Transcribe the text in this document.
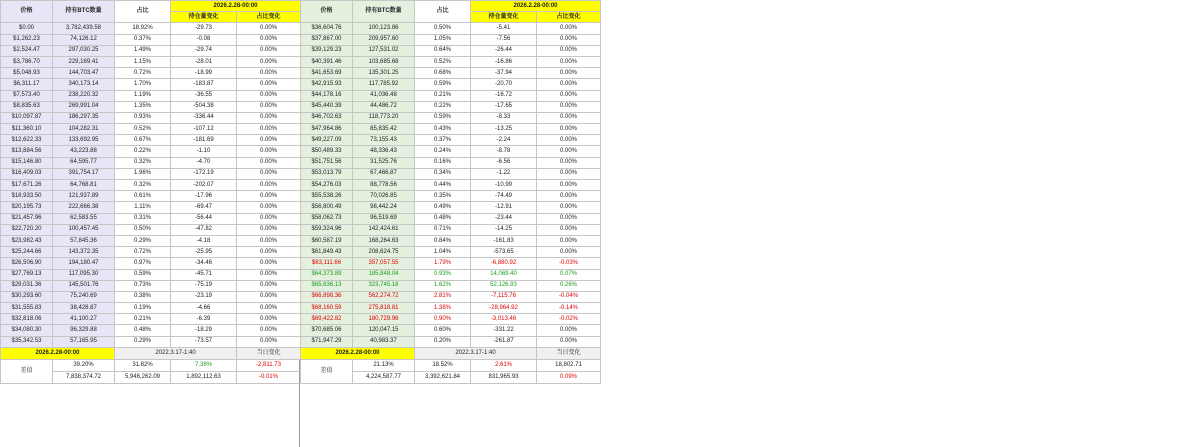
价格	持有BTC数量	占比	2026.2.28-00:00	
			持仓量变化	占比变化
$0.00	3,782,439.58	18.92%	-29.73	0.00%
$1,262.23	74,126.12	0.37%	-0.08	0.00%
$2,524.47	297,030.25	1.49%	-29.74	0.00%
$3,786.70	229,169.41	1.15%	-28.01	0.00%
$5,048.93	144,703.47	0.72%	-18.99	0.00%
$6,311.17	340,173.14	1.70%	-183.87	0.00%
$7,573.40	238,220.32	1.19%	-36.55	0.00%
$8,835.63	269,991.04	1.35%	-504.38	0.00%
$10,097.87	186,297.35	0.93%	-336.44	0.00%
$11,360.10	104,282.31	0.52%	-107.12	0.00%
$12,622.33	133,692.95	0.67%	-181.69	0.00%
$13,884.56	43,223.88	0.22%	-1.10	0.00%
$15,146.80	64,595.77	0.32%	-4.70	0.00%
$16,409.03	391,754.17	1.96%	-172.19	0.00%
$17,671.26	64,768.81	0.32%	-202.07	0.00%
$18,933.50	121,937.89	0.61%	-17.96	0.00%
$20,195.73	222,666.38	1.11%	-69.47	0.00%
$21,457.96	62,583.55	0.31%	-56.44	0.00%
$22,720.20	100,457.45	0.50%	-47.82	0.00%
$23,982.43	57,845.36	0.29%	-4.18	0.00%
$25,244.66	143,372.35	0.72%	-25.95	0.00%
$26,506.90	194,180.47	0.97%	-34.46	0.00%
$27,769.13	117,095.30	0.59%	-45.71	0.00%
$29,031.36	145,501.76	0.73%	-75.19	0.00%
$30,293.60	75,240.69	0.38%	-23.19	0.00%
$31,555.83	38,428.87	0.19%	-4.66	0.00%
$32,818.06	41,100.27	0.21%	-6.39	0.00%
$34,080.30	96,329.88	0.48%	-18.29	0.00%
$35,342.53	57,165.95	0.29%	-73.57	0.00%
2026.2.28-00:00		2022.3.17-1:40		当日变化
差值	39.20%	31.82%	7.38%	-2,811.73
	7,838,374.72	5,946,262.09	1,892,112.63	-0.01%
价格	持有BTC数量	占比	2026.2.28-00:00	
			持仓量变化	占比变化
$36,604.76	100,123.86	0.50%	-5.41	0.00%
$37,867.00	209,957.60	1.05%	-7.56	0.00%
$39,129.23	127,531.02	0.64%	-26.44	0.00%
$40,391.46	103,685.68	0.52%	-16.86	0.00%
$41,653.69	135,301.25	0.68%	-37.94	0.00%
$42,915.93	117,785.92	0.59%	-20.70	0.00%
$44,178.16	41,036.48	0.21%	-16.72	0.00%
$45,440.39	44,486.72	0.22%	-17.65	0.00%
$46,702.63	118,773.20	0.59%	-8.33	0.00%
$47,964.86	85,835.42	0.43%	-13.25	0.00%
$49,227.09	73,155.43	0.37%	-2.24	0.00%
$50,489.33	48,336.43	0.24%	-8.78	0.00%
$51,751.56	31,525.76	0.16%	-6.56	0.00%
$53,013.79	67,466.87	0.34%	-1.22	0.00%
$54,276.03	88,778.56	0.44%	-10.99	0.00%
$55,538.26	70,026.85	0.35%	-74.49	0.00%
$56,800.49	98,442.24	0.49%	-12.91	0.00%
$58,062.73	96,519.69	0.48%	-23.44	0.00%
$59,324.96	142,424.61	0.71%	-14.25	0.00%
$60,587.19	168,264.63	0.84%	-161.83	0.00%
$61,849.43	208,624.75	1.04%	-573.65	0.00%
$63,111.66	357,057.55	1.79%	-6,880.92	-0.03%
$64,373.89	185,848.04	0.93%	14,069.40	0.07%
$65,636.13	323,745.18	1.62%	52,126.93	0.26%
$66,898.36	562,274.72	2.81%	-7,115.76	-0.04%
$68,160.59	275,818.81	1.38%	-28,964.92	-0.14%
$69,422.82	180,729.96	0.90%	-3,013.46	-0.02%
$70,685.06	120,047.15	0.60%	-331.22	0.00%
$71,947.29	40,983.37	0.20%	-261.87	0.00%
2026.2.28-00:00		2022.3.17-1:40		当日变化
差值	21.13%	18.52%	2.61%	18,802.71
	4,224,587.77	3,392,621.84	831,965.93	0.09%
